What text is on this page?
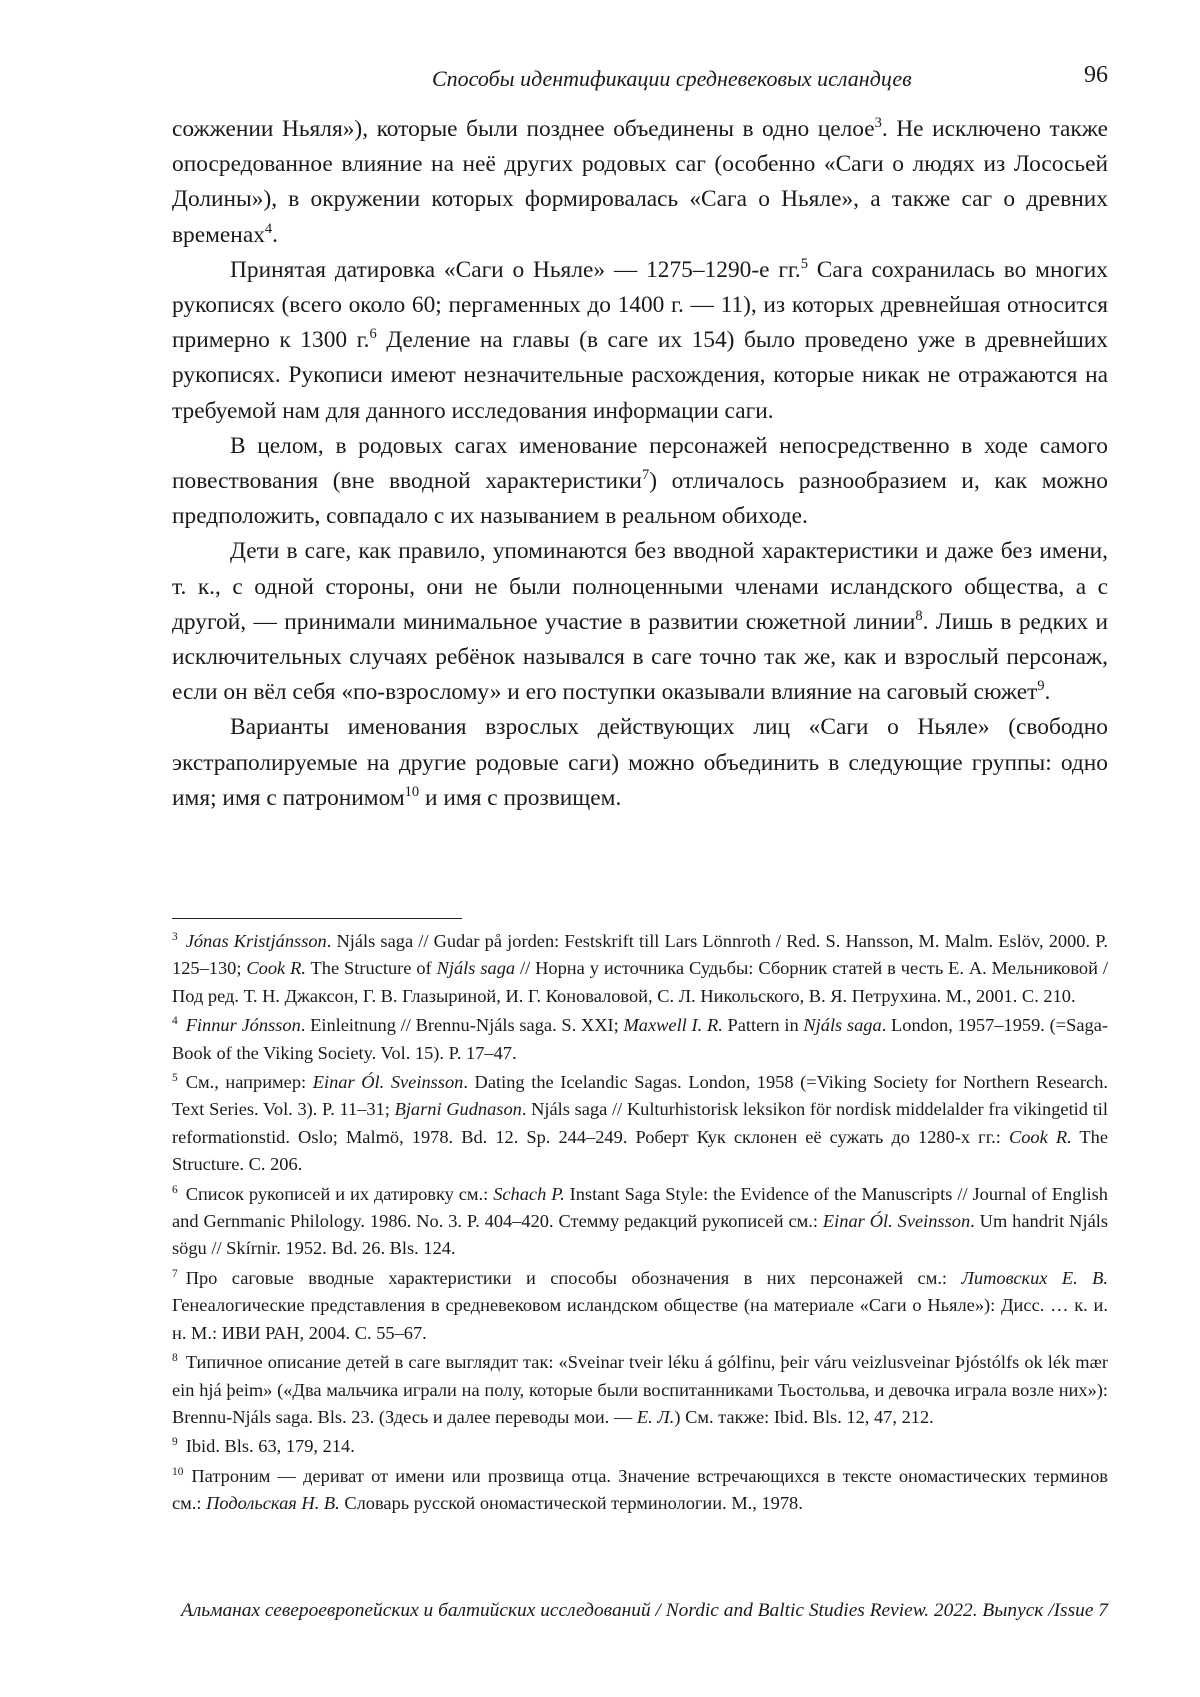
Способы идентификации средневековых исландцев	96

сожжении Ньяля»), которые были позднее объединены в одно целое3. Не исключено также опосредованное влияние на неё других родовых саг (особенно «Саги о людях из Лососьей Долины»), в окружении которых формировалась «Сага о Ньяле», а также саг о древних временах4.

Принятая датировка «Саги о Ньяле» — 1275–1290-е гг.5 Сага сохранилась во многих рукописях (всего около 60; пергаменных до 1400 г. — 11), из которых древнейшая относится примерно к 1300 г.6 Деление на главы (в саге их 154) было проведено уже в древнейших рукописях. Рукописи имеют незначительные расхождения, которые никак не отражаются на требуемой нам для данного исследования информации саги.

В целом, в родовых сагах именование персонажей непосредственно в ходе самого повествования (вне вводной характеристики7) отличалось разнообразием и, как можно предположить, совпадало с их называнием в реальном обиходе.

Дети в саге, как правило, упоминаются без вводной характеристики и даже без имени, т. к., с одной стороны, они не были полноценными членами исландского общества, а с другой, — принимали минимальное участие в развитии сюжетной линии8. Лишь в редких и исключительных случаях ребёнок назывался в саге точно так же, как и взрослый персонаж, если он вёл себя «по-взрослому» и его поступки оказывали влияние на саговый сюжет9.

Варианты именования взрослых действующих лиц «Саги о Ньяле» (свободно экстраполируемые на другие родовые саги) можно объединить в следующие группы: одно имя; имя с патронимом10 и имя с прозвищем.

3 Jónas Kristjánsson. Njáls saga // Gudar på jorden: Festskrift till Lars Lönnroth / Red. S. Hansson, M. Malm. Eslöv, 2000. P. 125–130; Cook R. The Structure of Njáls saga // Норна у источника Судьбы: Сборник статей в честь Е. А. Мельниковой / Под ред. Т. Н. Джаксон, Г. В. Глазыриной, И. Г. Коноваловой, С. Л. Никольского, В. Я. Петрухина. М., 2001. С. 210.

4 Finnur Jónsson. Einleitnung // Brennu-Njáls saga. S. XXI; Maxwell I. R. Pattern in Njáls saga. London, 1957–1959. (=Saga-Book of the Viking Society. Vol. 15). P. 17–47.

5 См., например: Einar Ól. Sveinsson. Dating the Icelandic Sagas. London, 1958 (=Viking Society for Northern Research. Text Series. Vol. 3). P. 11–31; Bjarni Gudnason. Njáls saga // Kulturhistorisk leksikon för nordisk middelalder fra vikingetid til reformationstid. Oslo; Malmö, 1978. Bd. 12. Sp. 244–249. Роберт Кук склонен её сужать до 1280-х гг.: Cook R. The Structure. С. 206.

6 Список рукописей и их датировку см.: Schach P. Instant Saga Style: the Evidence of the Manuscripts // Journal of English and Gernmanic Philology. 1986. No. 3. P. 404–420. Стемму редакций рукописей см.: Einar Ól. Sveinsson. Um handrit Njáls sögu // Skírnir. 1952. Bd. 26. Bls. 124.

7 Про саговые вводные характеристики и способы обозначения в них персонажей см.: Литовских Е. В. Генеалогические представления в средневековом исландском обществе (на материале «Саги о Ньяле»): Дисс. … к. и. н. М.: ИВИ РАН, 2004. С. 55–67.

8 Типичное описание детей в саге выглядит так: «Sveinar tveir léku á gólfinu, þeir váru veizlusveinar Þjóstólfs ok lék mær ein hjá þeim» («Два мальчика играли на полу, которые были воспитанниками Тьостольва, и девочка играла возле них»): Brennu-Njáls saga. Bls. 23. (Здесь и далее переводы мои. — Е. Л.) См. также: Ibid. Bls. 12, 47, 212.

9 Ibid. Bls. 63, 179, 214.

10 Патроним — дериват от имени или прозвища отца. Значение встречающихся в тексте ономастических терминов см.: Подольская Н. В. Словарь русской ономастической терминологии. М., 1978.

Альманах североевропейских и балтийских исследований / Nordic and Baltic Studies Review. 2022. Выпуск /Issue 7
